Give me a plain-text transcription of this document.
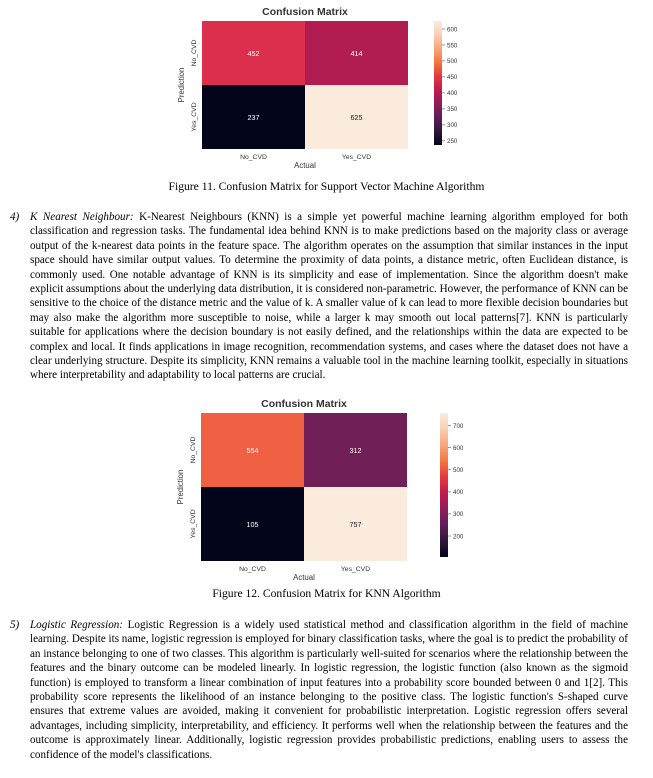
Confusion Matrix
452	414
237	625
No_CVD	Yes_CVD
Actual
No_CVD
Yes_CVD
Prediction
250
300
350
400
450
500
550
600
Figure 11. Confusion Matrix for Support Vector Machine Algorithm
4) K Nearest Neighbour: K-Nearest Neighbours (KNN) is a simple yet powerful machine learning algorithm employed for both classification and regression tasks. The fundamental idea behind KNN is to make predictions based on the majority class or average output of the k-nearest data points in the feature space. The algorithm operates on the assumption that similar instances in the input space should have similar output values. To determine the proximity of data points, a distance metric, often Euclidean distance, is commonly used. One notable advantage of KNN is its simplicity and ease of implementation. Since the algorithm doesn't make explicit assumptions about the underlying data distribution, it is considered non-parametric. However, the performance of KNN can be sensitive to the choice of the distance metric and the value of k. A smaller value of k can lead to more flexible decision boundaries but may also make the algorithm more susceptible to noise, while a larger k may smooth out local patterns[7]. KNN is particularly suitable for applications where the decision boundary is not easily defined, and the relationships within the data are expected to be complex and local. It finds applications in image recognition, recommendation systems, and cases where the dataset does not have a clear underlying structure. Despite its simplicity, KNN remains a valuable tool in the machine learning toolkit, especially in situations where interpretability and adaptability to local patterns are crucial.
Confusion Matrix
554	312
105	757
No_CVD	Yes_CVD
Actual
No_CVD
Yes_CVD
Prediction
200
300
400
500
600
700
Figure 12. Confusion Matrix for KNN Algorithm
5) Logistic Regression: Logistic Regression is a widely used statistical method and classification algorithm in the field of machine learning. Despite its name, logistic regression is employed for binary classification tasks, where the goal is to predict the probability of an instance belonging to one of two classes. This algorithm is particularly well-suited for scenarios where the relationship between the features and the binary outcome can be modeled linearly. In logistic regression, the logistic function (also known as the sigmoid function) is employed to transform a linear combination of input features into a probability score bounded between 0 and 1[2]. This probability score represents the likelihood of an instance belonging to the positive class. The logistic function's S-shaped curve ensures that extreme values are avoided, making it convenient for probabilistic interpretation. Logistic regression offers several advantages, including simplicity, interpretability, and efficiency. It performs well when the relationship between the features and the outcome is approximately linear. Additionally, logistic regression provides probabilistic predictions, enabling users to assess the confidence of the model's classifications.
